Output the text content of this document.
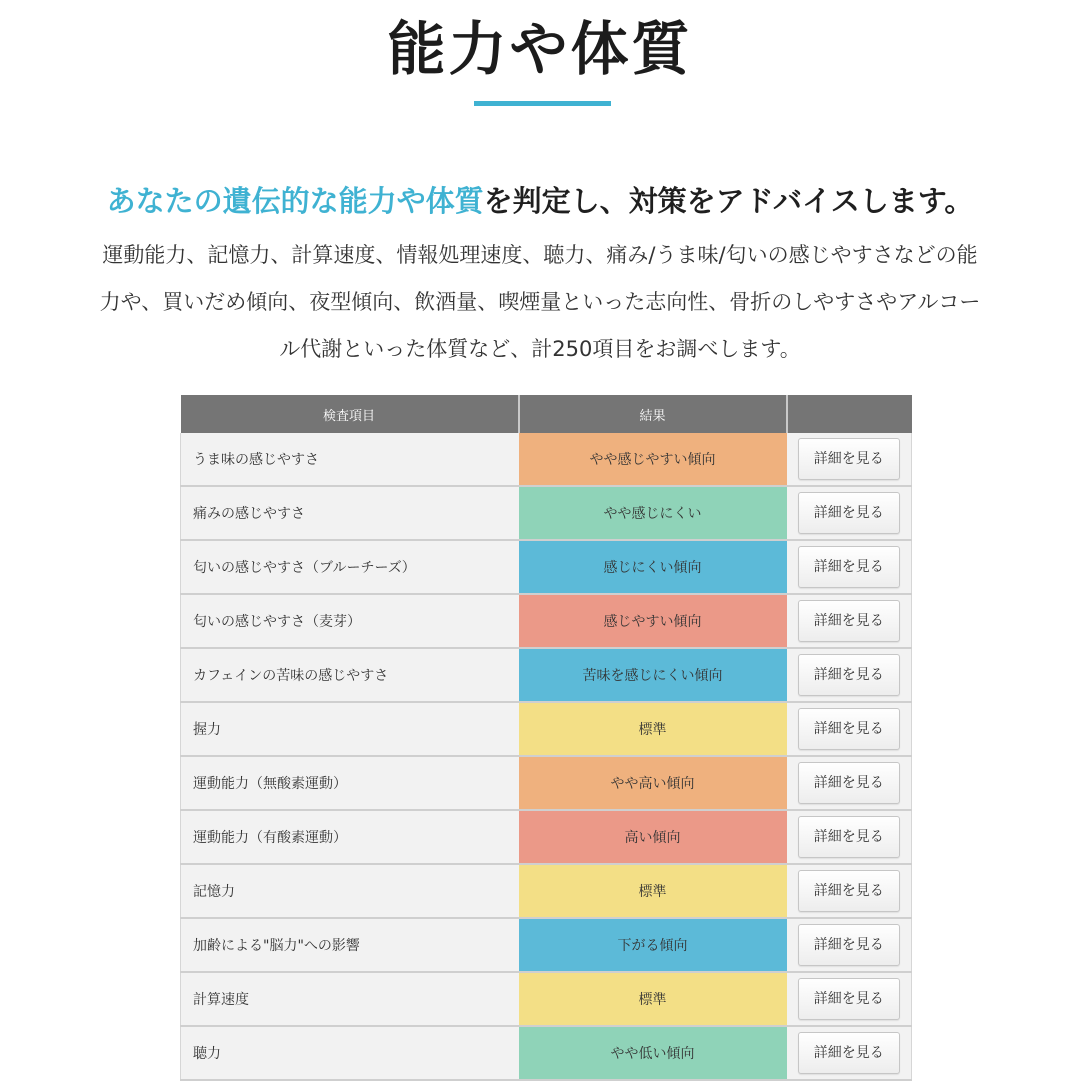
能力や体質
あなたの遺伝的な能力や体質を判定し、対策をアドバイスします。
運動能力、記憶力、計算速度、情報処理速度、聴力、痛み/うま味/匂いの感じやすさなどの能
力や、買いだめ傾向、夜型傾向、飲酒量、喫煙量といった志向性、骨折のしやすさやアルコー
ル代謝といった体質など、計250項目をお調べします。
検査項目	結果	
うま味の感じやすさ	やや感じやすい傾向	詳細を見る
痛みの感じやすさ	やや感じにくい	詳細を見る
匂いの感じやすさ（ブルーチーズ）	感じにくい傾向	詳細を見る
匂いの感じやすさ（麦芽）	感じやすい傾向	詳細を見る
カフェインの苦味の感じやすさ	苦味を感じにくい傾向	詳細を見る
握力	標準	詳細を見る
運動能力（無酸素運動）	やや高い傾向	詳細を見る
運動能力（有酸素運動）	高い傾向	詳細を見る
記憶力	標準	詳細を見る
加齢による"脳力"への影響	下がる傾向	詳細を見る
計算速度	標準	詳細を見る
聴力	やや低い傾向	詳細を見る
